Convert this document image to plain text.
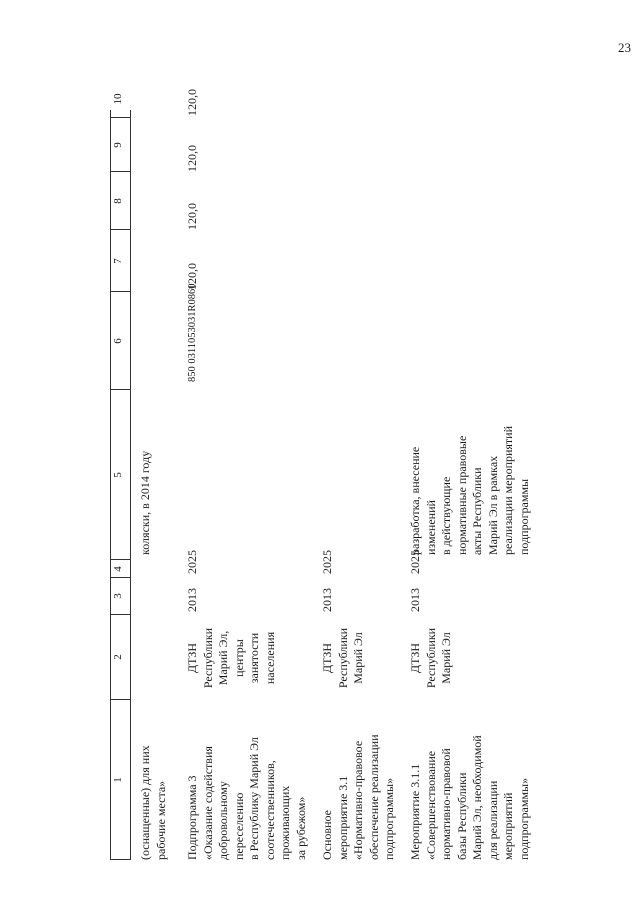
23
1
2
3
4
5
6
7
8
9
10
(оснащенные) для них рабочие места»
коляски, в 2014 году
Подпрограмма 3 «Оказание содействия добровольному переселению в Республику Марий Эл соотечественников, проживающих за рубежом»
ДТЗН Республики Марий Эл, центры занятости населения
2013
2025
850 0311053031R0860
120,0
120,0
120,0
120,0
Основное мероприятие 3.1 «Нормативно-правовое обеспечение реализации подпрограммы»
ДТЗН Республики Марий Эл
2013
2025
Мероприятие 3.1.1 «Совершенствование нормативно-правовой базы Республики Марий Эл, необходимой для реализации мероприятий подпрограммы»
ДТЗН Республики Марий Эл
2013
2025
разработка, внесение изменений в действующие нормативные правовые акты Республики Марий Эл в рамках реализации мероприятий подпрограммы
